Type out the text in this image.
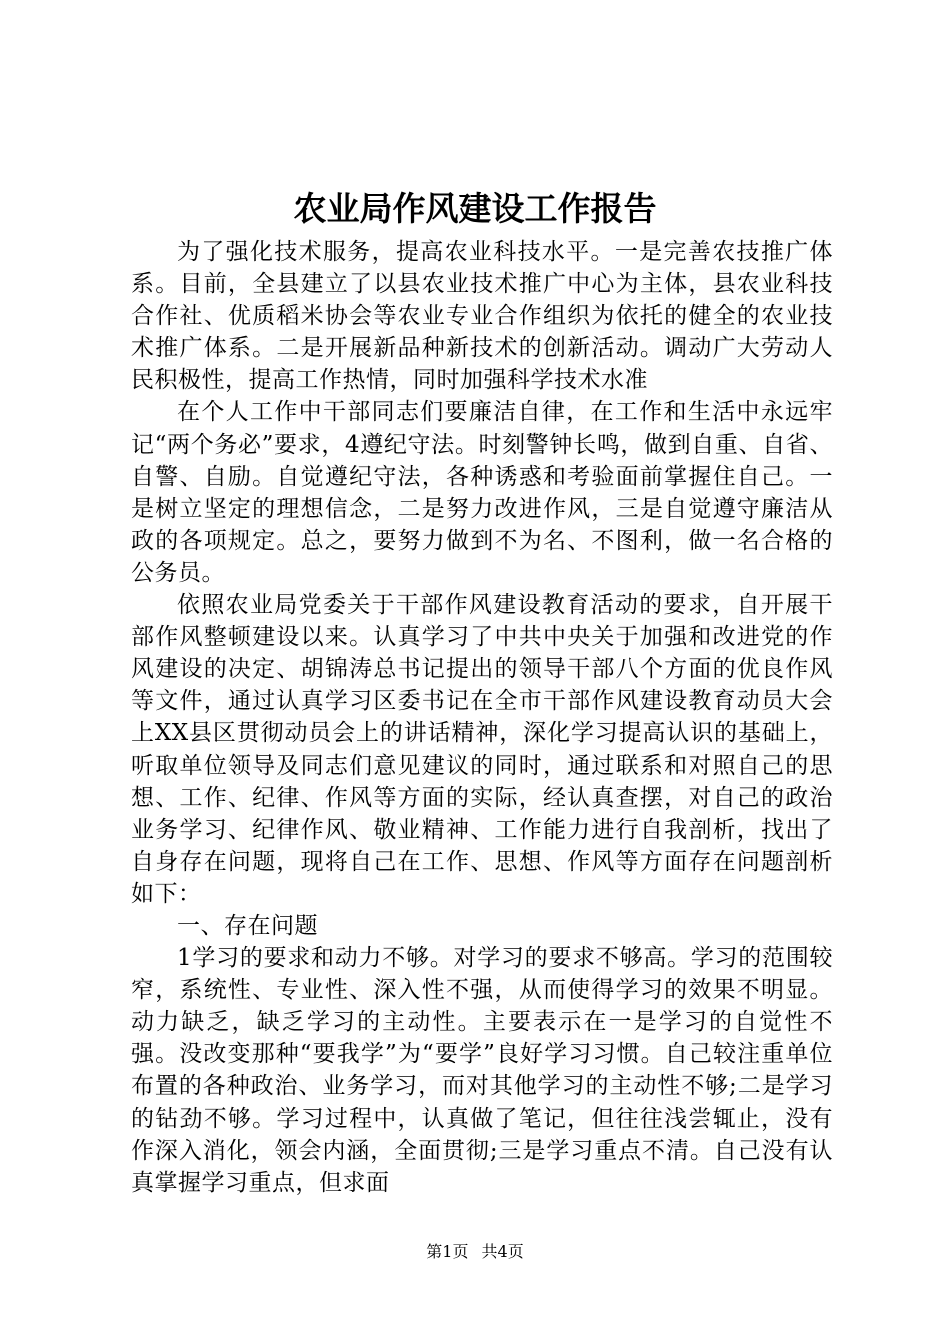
农业局作风建设工作报告

为了强化技术服务，提高农业科技水平。一是完善农技推广体系。目前，全县建立了以县农业技术推广中心为主体，县农业科技合作社、优质稻米协会等农业专业合作组织为依托的健全的农业技术推广体系。二是开展新品种新技术的创新活动。调动广大劳动人民积极性，提高工作热情，同时加强科学技术水准

在个人工作中干部同志们要廉洁自律，在工作和生活中永远牢记“两个务必”要求，4遵纪守法。时刻警钟长鸣，做到自重、自省、自警、自励。自觉遵纪守法，各种诱惑和考验面前掌握住自己。一是树立坚定的理想信念，二是努力改进作风，三是自觉遵守廉洁从政的各项规定。总之，要努力做到不为名、不图利，做一名合格的公务员。

依照农业局党委关于干部作风建设教育活动的要求，自开展干部作风整顿建设以来。认真学习了中共中央关于加强和改进党的作风建设的决定、胡锦涛总书记提出的领导干部八个方面的优良作风等文件，通过认真学习区委书记在全市干部作风建设教育动员大会上XX县区贯彻动员会上的讲话精神，深化学习提高认识的基础上，听取单位领导及同志们意见建议的同时，通过联系和对照自己的思想、工作、纪律、作风等方面的实际，经认真查摆，对自己的政治业务学习、纪律作风、敬业精神、工作能力进行自我剖析，找出了自身存在问题，现将自己在工作、思想、作风等方面存在问题剖析如下：

一、存在问题

1学习的要求和动力不够。对学习的要求不够高。学习的范围较窄，系统性、专业性、深入性不强，从而使得学习的效果不明显。动力缺乏，缺乏学习的主动性。主要表示在一是学习的自觉性不强。没改变那种“要我学”为“要学”良好学习习惯。自己较注重单位布置的各种政治、业务学习，而对其他学习的主动性不够;二是学习的钻劲不够。学习过程中，认真做了笔记，但往往浅尝辄止，没有作深入消化，领会内涵，全面贯彻;三是学习重点不清。自己没有认真掌握学习重点，但求面

第1页 共4页
